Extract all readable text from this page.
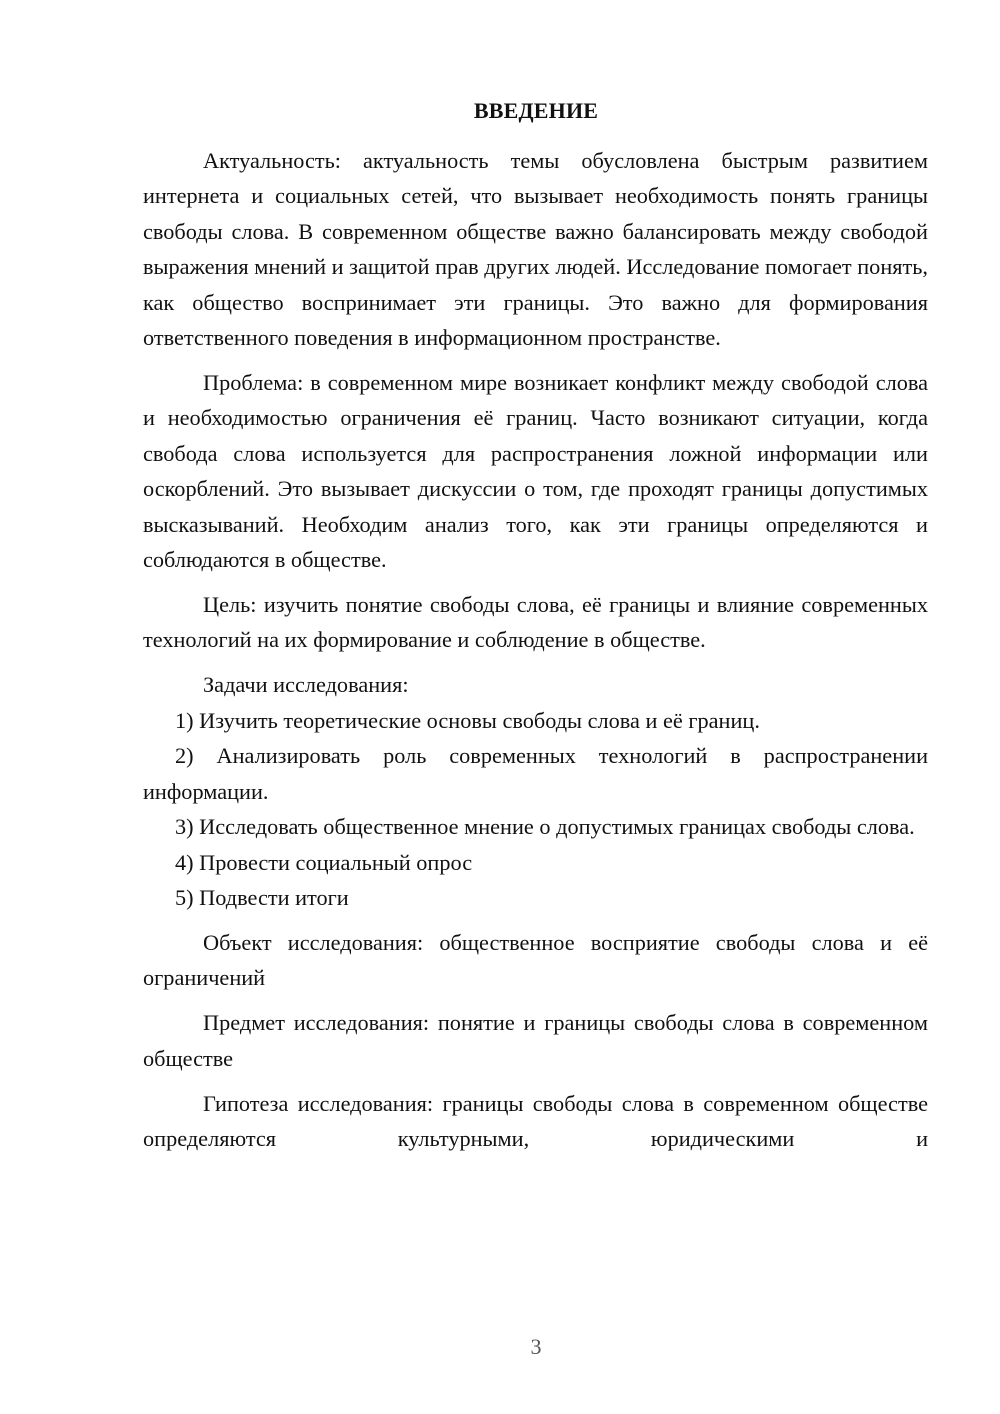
ВВЕДЕНИЕ

Актуальность: актуальность темы обусловлена быстрым развитием интернета и социальных сетей, что вызывает необходимость понять границы свободы слова. В современном обществе важно балансировать между свободой выражения мнений и защитой прав других людей. Исследование помогает понять, как общество воспринимает эти границы. Это важно для формирования ответственного поведения в информационном пространстве.

Проблема: в современном мире возникает конфликт между свободой слова и необходимостью ограничения её границ. Часто возникают ситуации, когда свобода слова используется для распространения ложной информации или оскорблений. Это вызывает дискуссии о том, где проходят границы допустимых высказываний. Необходим анализ того, как эти границы определяются и соблюдаются в обществе.

Цель: изучить понятие свободы слова, её границы и влияние современных технологий на их формирование и соблюдение в обществе.

Задачи исследования:

1) Изучить теоретические основы свободы слова и её границ.

2) Анализировать роль современных технологий в распространении информации.

3) Исследовать общественное мнение о допустимых границах свободы слова.

4) Провести социальный опрос

5) Подвести итоги

Объект исследования: общественное восприятие свободы слова и её ограничений

Предмет исследования: понятие и границы свободы слова в современном обществе

Гипотеза исследования: границы свободы слова в современном обществе определяются культурными, юридическими и

3
